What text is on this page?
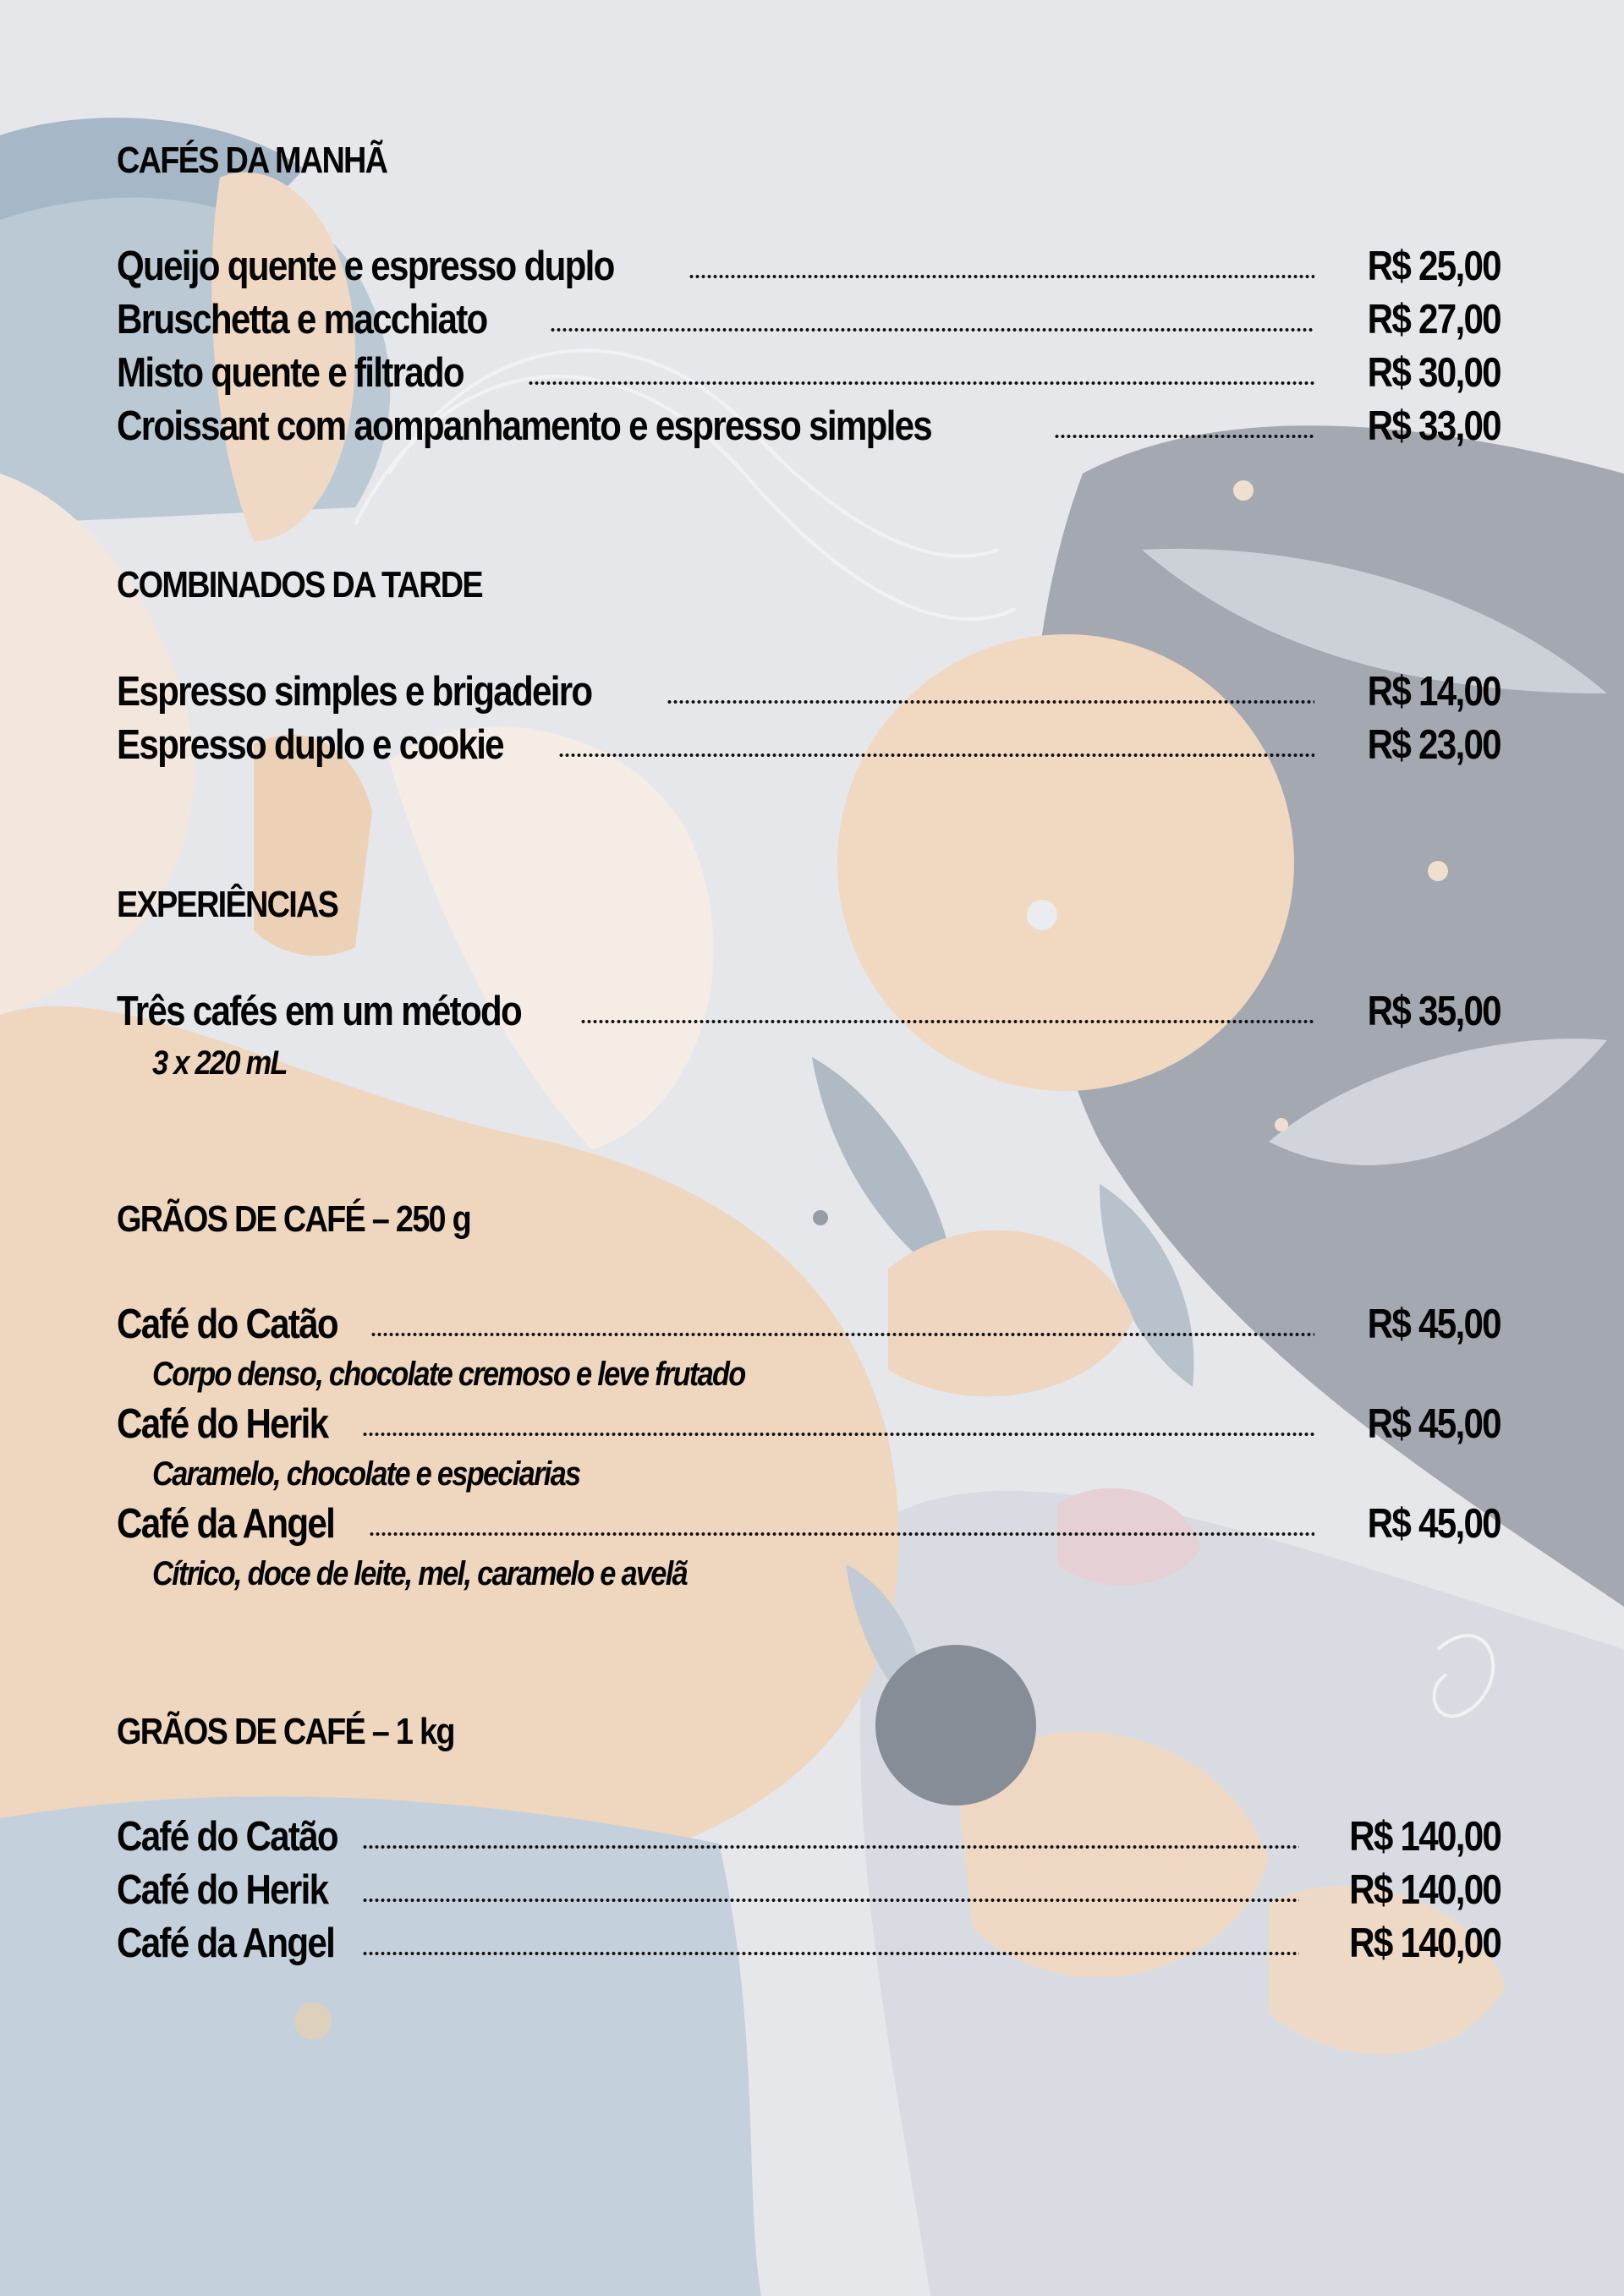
CAFÉS DA MANHÃ
Queijo quente e espresso duplo	R$ 25,00
Bruschetta e macchiato	R$ 27,00
Misto quente e filtrado	R$ 30,00
Croissant com aompanhamento e espresso simples	R$ 33,00
COMBINADOS DA TARDE
Espresso simples e brigadeiro	R$ 14,00
Espresso duplo e cookie	R$ 23,00
EXPERIÊNCIAS
Três cafés em um método	R$ 35,00

3 x 220 mL

GRÃOS DE CAFÉ – 250 g
Café do Catão	R$ 45,00

Corpo denso, chocolate cremoso e leve frutado

Café do Herik	R$ 45,00

Caramelo, chocolate e especiarias

Café da Angel	R$ 45,00

Cítrico, doce de leite, mel, caramelo e avelã

GRÃOS DE CAFÉ – 1 kg
Café do Catão	R$ 140,00
Café do Herik	R$ 140,00
Café da Angel	R$ 140,00
